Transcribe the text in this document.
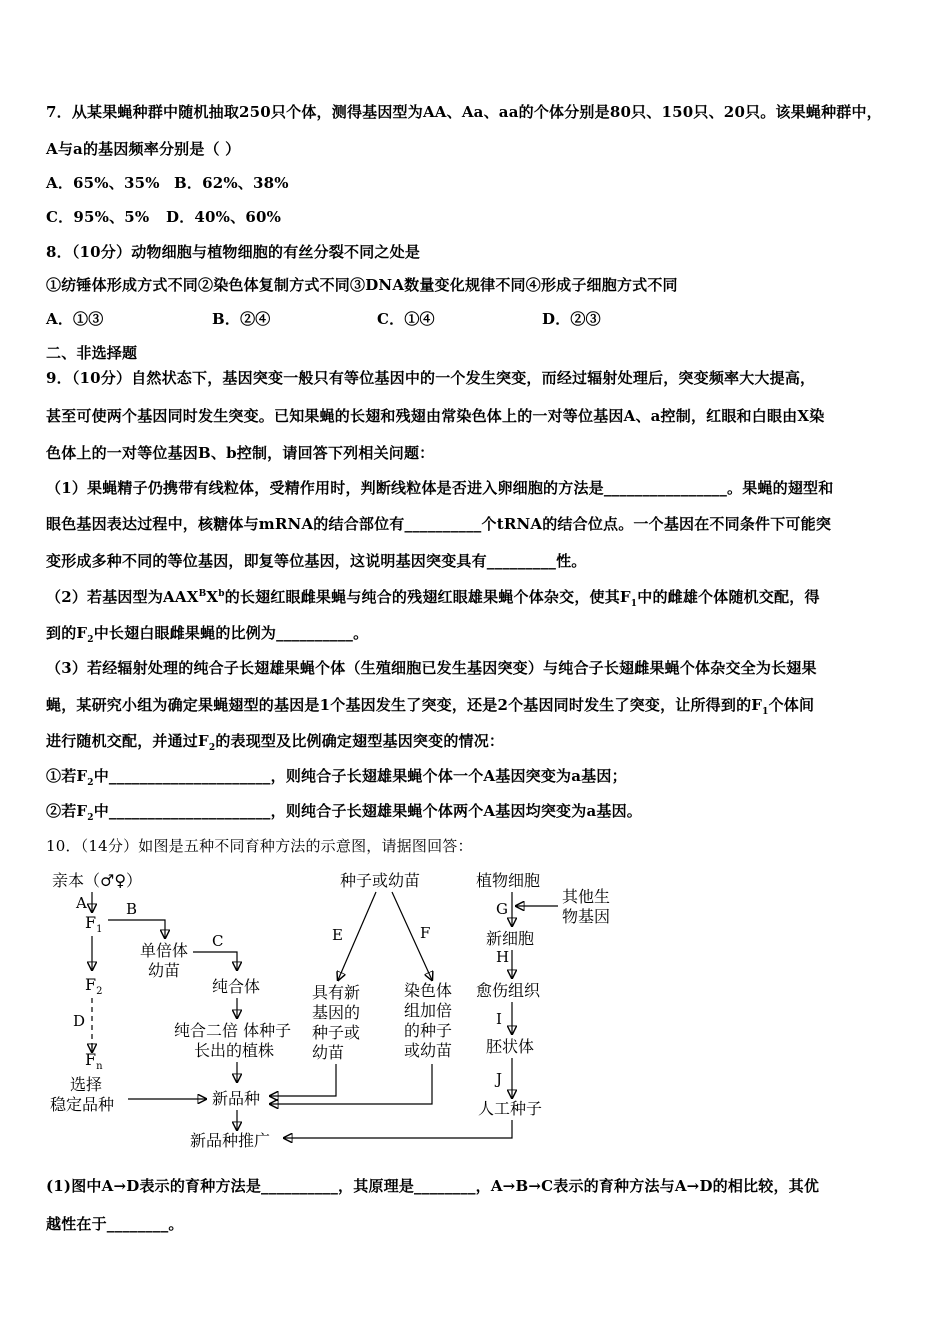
7．从某果蝇种群中随机抽取250只个体，测得基因型为AA、Aa、aa的个体分别是80只、150只、20只。该果蝇种群中，
A与a的基因频率分别是（ ）
A．65%、35% B．62%、38%
C．95%、5% D．40%、60%
8．（10分）动物细胞与植物细胞的有丝分裂不同之处是
①纺锤体形成方式不同②染色体复制方式不同③DNA数量变化规律不同④形成子细胞方式不同
A．①③	B．②④	C．①④	D．②③
二、非选择题
9．（10分）自然状态下，基因突变一般只有等位基因中的一个发生突变，而经过辐射处理后，突变频率大大提高，
甚至可使两个基因同时发生突变。已知果蝇的长翅和残翅由常染色体上的一对等位基因A、a控制，红眼和白眼由X染
色体上的一对等位基因B、b控制，请回答下列相关问题：
（1）果蝇精子仍携带有线粒体，受精作用时，判断线粒体是否进入卵细胞的方法是________________。果蝇的翅型和
眼色基因表达过程中，核糖体与mRNA的结合部位有__________个tRNA的结合位点。一个基因在不同条件下可能突
变形成多种不同的等位基因，即复等位基因，这说明基因突变具有_________性。
（2）若基因型为$AAX^BX^b$的长翅红眼雌果蝇与纯合的残翅红眼雄果蝇个体杂交，使其$F_1$中的雌雄个体随机交配，得
到的$F_2$中长翅白眼雌果蝇的比例为__________。
（3）若经辐射处理的纯合子长翅雄果蝇个体（生殖细胞已发生基因突变）与纯合子长翅雌果蝇个体杂交全为长翅果
蝇，某研究小组为确定果蝇翅型的基因是1个基因发生了突变，还是2个基因同时发生了突变，让所得到的$F_1$个体间
进行随机交配，并通过$F_2$的表现型及比例确定翅型基因突变的情况：
①若$F_2$中_____________________，则纯合子长翅雄果蝇个体一个A基因突变为a基因；
②若$F_2$中_____________________，则纯合子长翅雄果蝇个体两个A基因均突变为a基因。
10．（14分）如图是五种不同育种方法的示意图，请据图回答：
亲本（♂♀）
A
$F_1$
$F_2$
D
$F_n$
选择
稳定品种
B
单倍体
幼苗
C
纯合体
纯合二倍 体种子
长出的植株
新品种
新品种推广
种子或幼苗
E	F
具有新
基因的
种子或
幼苗
染色体
组加倍
的种子
或幼苗
植物细胞
其他生
物基因
G
新细胞
H
愈伤组织
I
胚状体
J
人工种子
(1)图中A→D表示的育种方法是__________，其原理是________，A→B→C表示的育种方法与A→D的相比较，其优
越性在于________。
